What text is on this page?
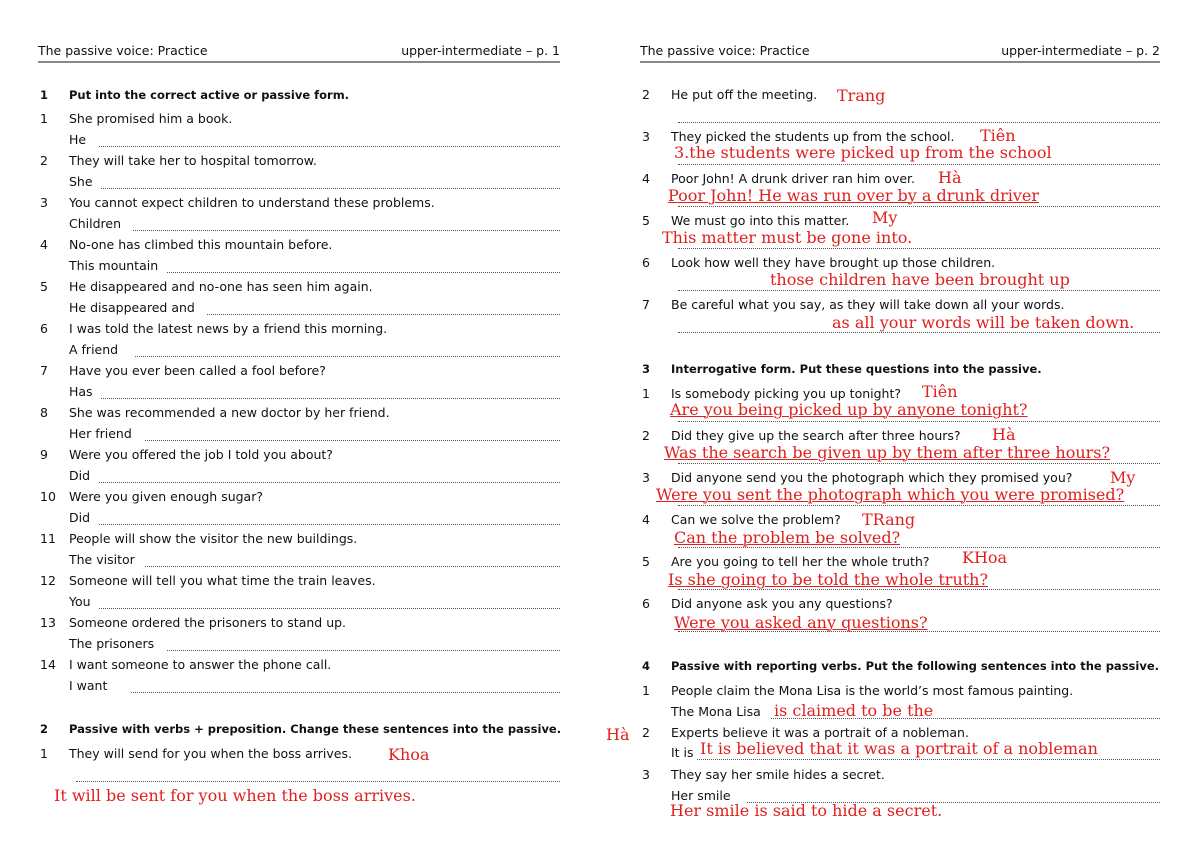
The passive voice: Practice	upper-intermediate – p. 1
1 Put into the correct active or passive form.
1 She promised him a book.
He
2 They will take her to hospital tomorrow.
She
3 You cannot expect children to understand these problems.
Children
4 No-one has climbed this mountain before.
This mountain
5 He disappeared and no-one has seen him again.
He disappeared and
6 I was told the latest news by a friend this morning.
A friend
7 Have you ever been called a fool before?
Has
8 She was recommended a new doctor by her friend.
Her friend
9 Were you offered the job I told you about?
Did
10 Were you given enough sugar?
Did
11 People will show the visitor the new buildings.
The visitor
12 Someone will tell you what time the train leaves.
You
13 Someone ordered the prisoners to stand up.
The prisoners
14 I want someone to answer the phone call.
I want
2 Passive with verbs + preposition. Change these sentences into the passive.
1 They will send for you when the boss arrives. Khoa
It will be sent for you when the boss arrives.
The passive voice: Practice	upper-intermediate – p. 2
2 He put off the meeting. Trang
3 They picked the students up from the school. Tiên
3.the students were picked up from the school
4 Poor John! A drunk driver ran him over. Hà
Poor John! He was run over by a drunk driver
5 We must go into this matter. My
This matter must be gone into.
6 Look how well they have brought up those children.
those children have been brought up
7 Be careful what you say, as they will take down all your words.
as all your words will be taken down.
3 Interrogative form. Put these questions into the passive.
1 Is somebody picking you up tonight? Tiên
Are you being picked up by anyone tonight?
2 Did they give up the search after three hours? Hà
Was the search be given up by them after three hours?
3 Did anyone send you the photograph which they promised you? My
Were you sent the photograph which you were promised?
4 Can we solve the problem? TRang
Can the problem be solved?
5 Are you going to tell her the whole truth? KHoa
Is she going to be told the whole truth?
6 Did anyone ask you any questions?
Were you asked any questions?
4 Passive with reporting verbs. Put the following sentences into the passive.
1 People claim the Mona Lisa is the world’s most famous painting.
The Mona Lisa is claimed to be the
Hà 2 Experts believe it was a portrait of a nobleman.
It is It is believed that it was a portrait of a nobleman
3 They say her smile hides a secret.
Her smile
Her smile is said to hide a secret.
